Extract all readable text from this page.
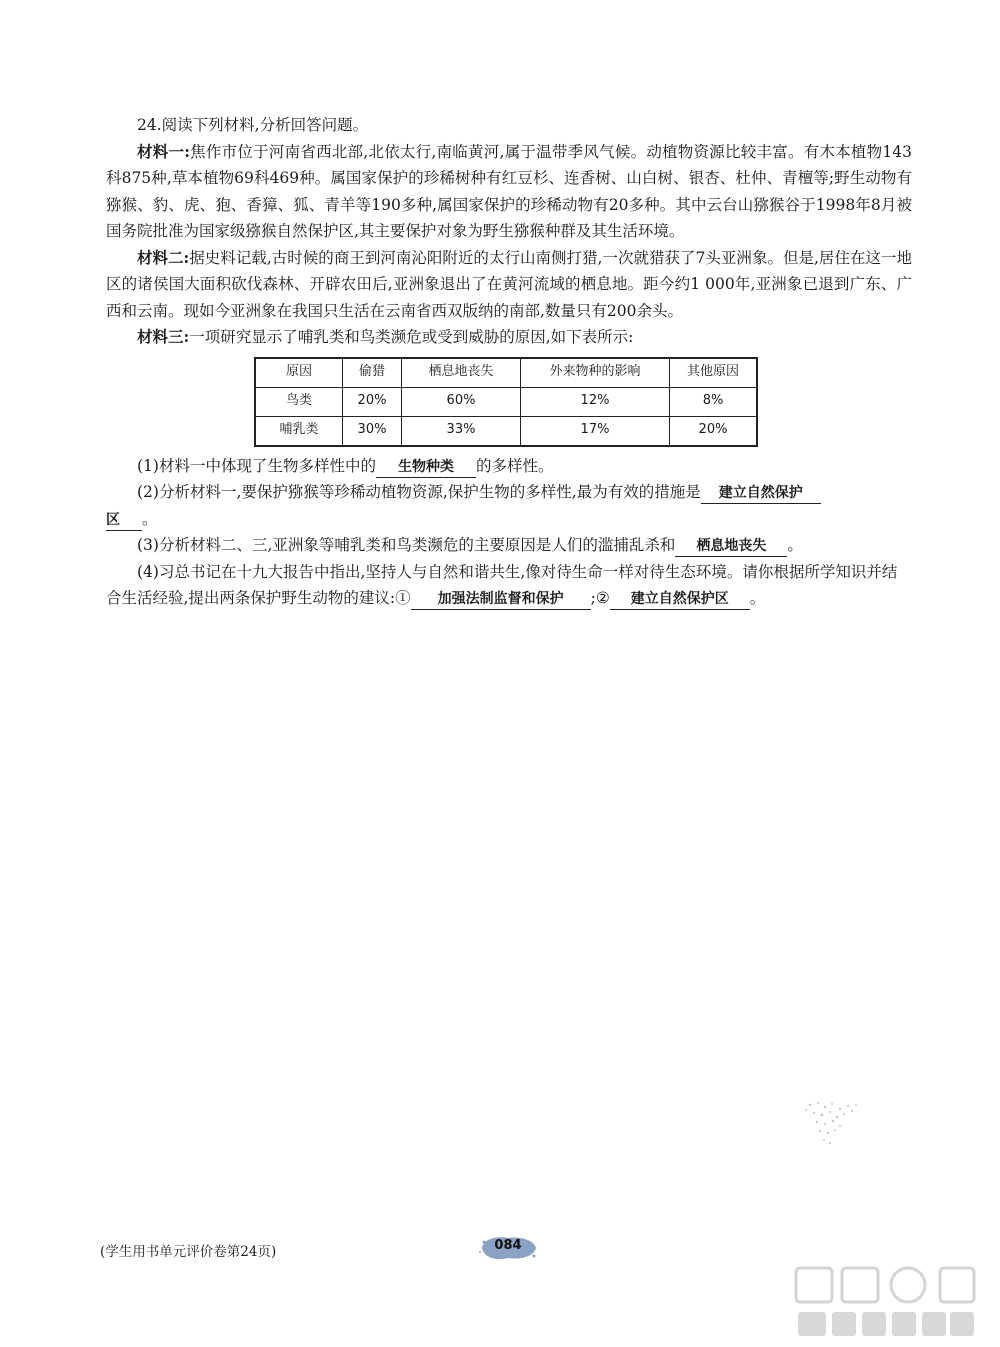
24.阅读下列材料,分析回答问题。

材料一:焦作市位于河南省西北部,北依太行,南临黄河,属于温带季风气候。动植物资源比较丰富。有木本植物143科875种,草本植物69科469种。属国家保护的珍稀树种有红豆杉、连香树、山白树、银杏、杜仲、青檀等;野生动物有猕猴、豹、虎、狍、香獐、狐、青羊等190多种,属国家保护的珍稀动物有20多种。其中云台山猕猴谷于1998年8月被国务院批准为国家级猕猴自然保护区,其主要保护对象为野生猕猴种群及其生活环境。

材料二:据史料记载,古时候的商王到河南沁阳附近的太行山南侧打猎,一次就猎获了7头亚洲象。但是,居住在这一地区的诸侯国大面积砍伐森林、开辟农田后,亚洲象退出了在黄河流域的栖息地。距今约1 000年,亚洲象已退到广东、广西和云南。现如今亚洲象在我国只生活在云南省西双版纳的南部,数量只有200余头。

材料三:一项研究显示了哺乳类和鸟类濒危或受到威胁的原因,如下表所示:

原因	偷猎	栖息地丧失	外来物种的影响	其他原因
鸟类	20%	60%	12%	8%
哺乳类	30%	33%	17%	20%

(1)材料一中体现了生物多样性中的 生物种类 的多样性。

(2)分析材料一,要保护猕猴等珍稀动植物资源,保护生物的多样性,最为有效的措施是 建立自然保护
区 。

(3)分析材料二、三,亚洲象等哺乳类和鸟类濒危的主要原因是人们的滥捕乱杀和 栖息地丧失 。

(4)习总书记在十九大报告中指出,坚持人与自然和谐共生,像对待生命一样对待生态环境。请你根据所学知识并结合生活经验,提出两条保护野生动物的建议:① 加强法制监督和保护 ;② 建立自然保护区 。

(学生用书单元评价卷第24页)	084
